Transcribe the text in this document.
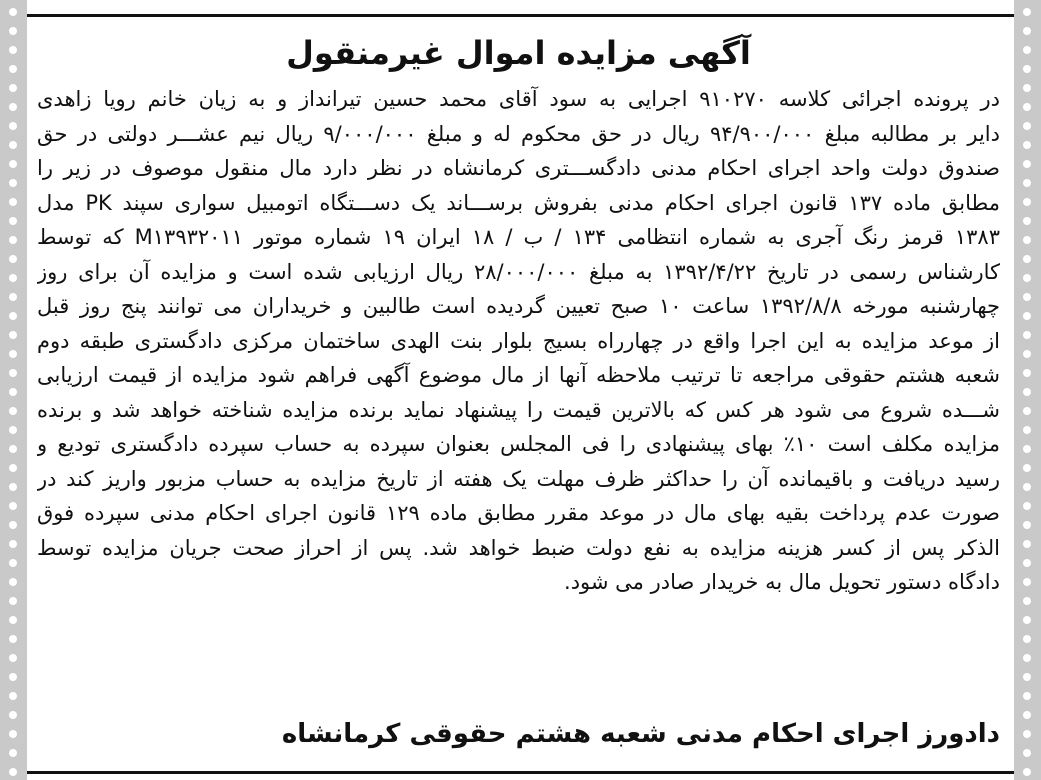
آگهی مزایده اموال غیرمنقول

در پرونده اجرائی کلاسه ۹۱۰۲۷۰ اجرایی به سود آقای محمد حسین تیرانداز و به زیان خانم رویا زاهدی
دایر بر مطالبه مبلغ ۹۴/۹۰۰/۰۰۰ ریال در حق محکوم له و مبلغ ۹/۰۰۰/۰۰۰ ریال نیم عشـــر دولتی در حق
صندوق دولت واحد اجرای احکام مدنی دادگســـتری کرمانشاه در نظر دارد مال منقول موصوف در زیر را
مطابق ماده ۱۳۷ قانون اجرای احکام مدنی بفروش برســـاند یک دســـتگاه اتومبیل سواری سپند PK مدل
۱۳۸۳ قرمز رنگ آجری به شماره انتظامی ۱۳۴ / ب / ۱۸ ایران ۱۹ شماره موتور M۱۳۹۳۲۰۱۱ که توسط
کارشناس رسمی در تاریخ ۱۳۹۲/۴/۲۲ به مبلغ ۲۸/۰۰۰/۰۰۰ ریال ارزیابی شده است و مزایده آن برای روز
چهارشنبه مورخه ۱۳۹۲/۸/۸ ساعت ۱۰ صبح تعیین گردیده است طالبین و خریداران می توانند پنج روز قبل
از موعد مزایده به این اجرا واقع در چهارراه بسیج بلوار بنت الهدی ساختمان مرکزی دادگستری طبقه دوم
شعبه هشتم حقوقی مراجعه تا ترتیب ملاحظه آنها از مال موضوع آگهی فراهم شود مزایده از قیمت ارزیابی
شـــده شروع می شود هر کس که بالاترین قیمت را پیشنهاد نماید برنده مزایده شناخته خواهد شد و برنده
مزایده مکلف است ۱۰٪ بهای پیشنهادی را فی المجلس بعنوان سپرده به حساب سپرده دادگستری تودیع و
رسید دریافت و باقیمانده آن را حداکثر ظرف مهلت یک هفته از تاریخ مزایده به حساب مزبور واریز کند در
صورت عدم پرداخت بقیه بهای مال در موعد مقرر مطابق ماده ۱۲۹ قانون اجرای احکام مدنی سپرده فوق
الذکر پس از کسر هزینه مزایده به نفع دولت ضبط خواهد شد. پس از احراز صحت جریان مزایده توسط
دادگاه دستور تحویل مال به خریدار صادر می شود.

دادورز اجرای احکام مدنی شعبه هشتم حقوقی کرمانشاه
